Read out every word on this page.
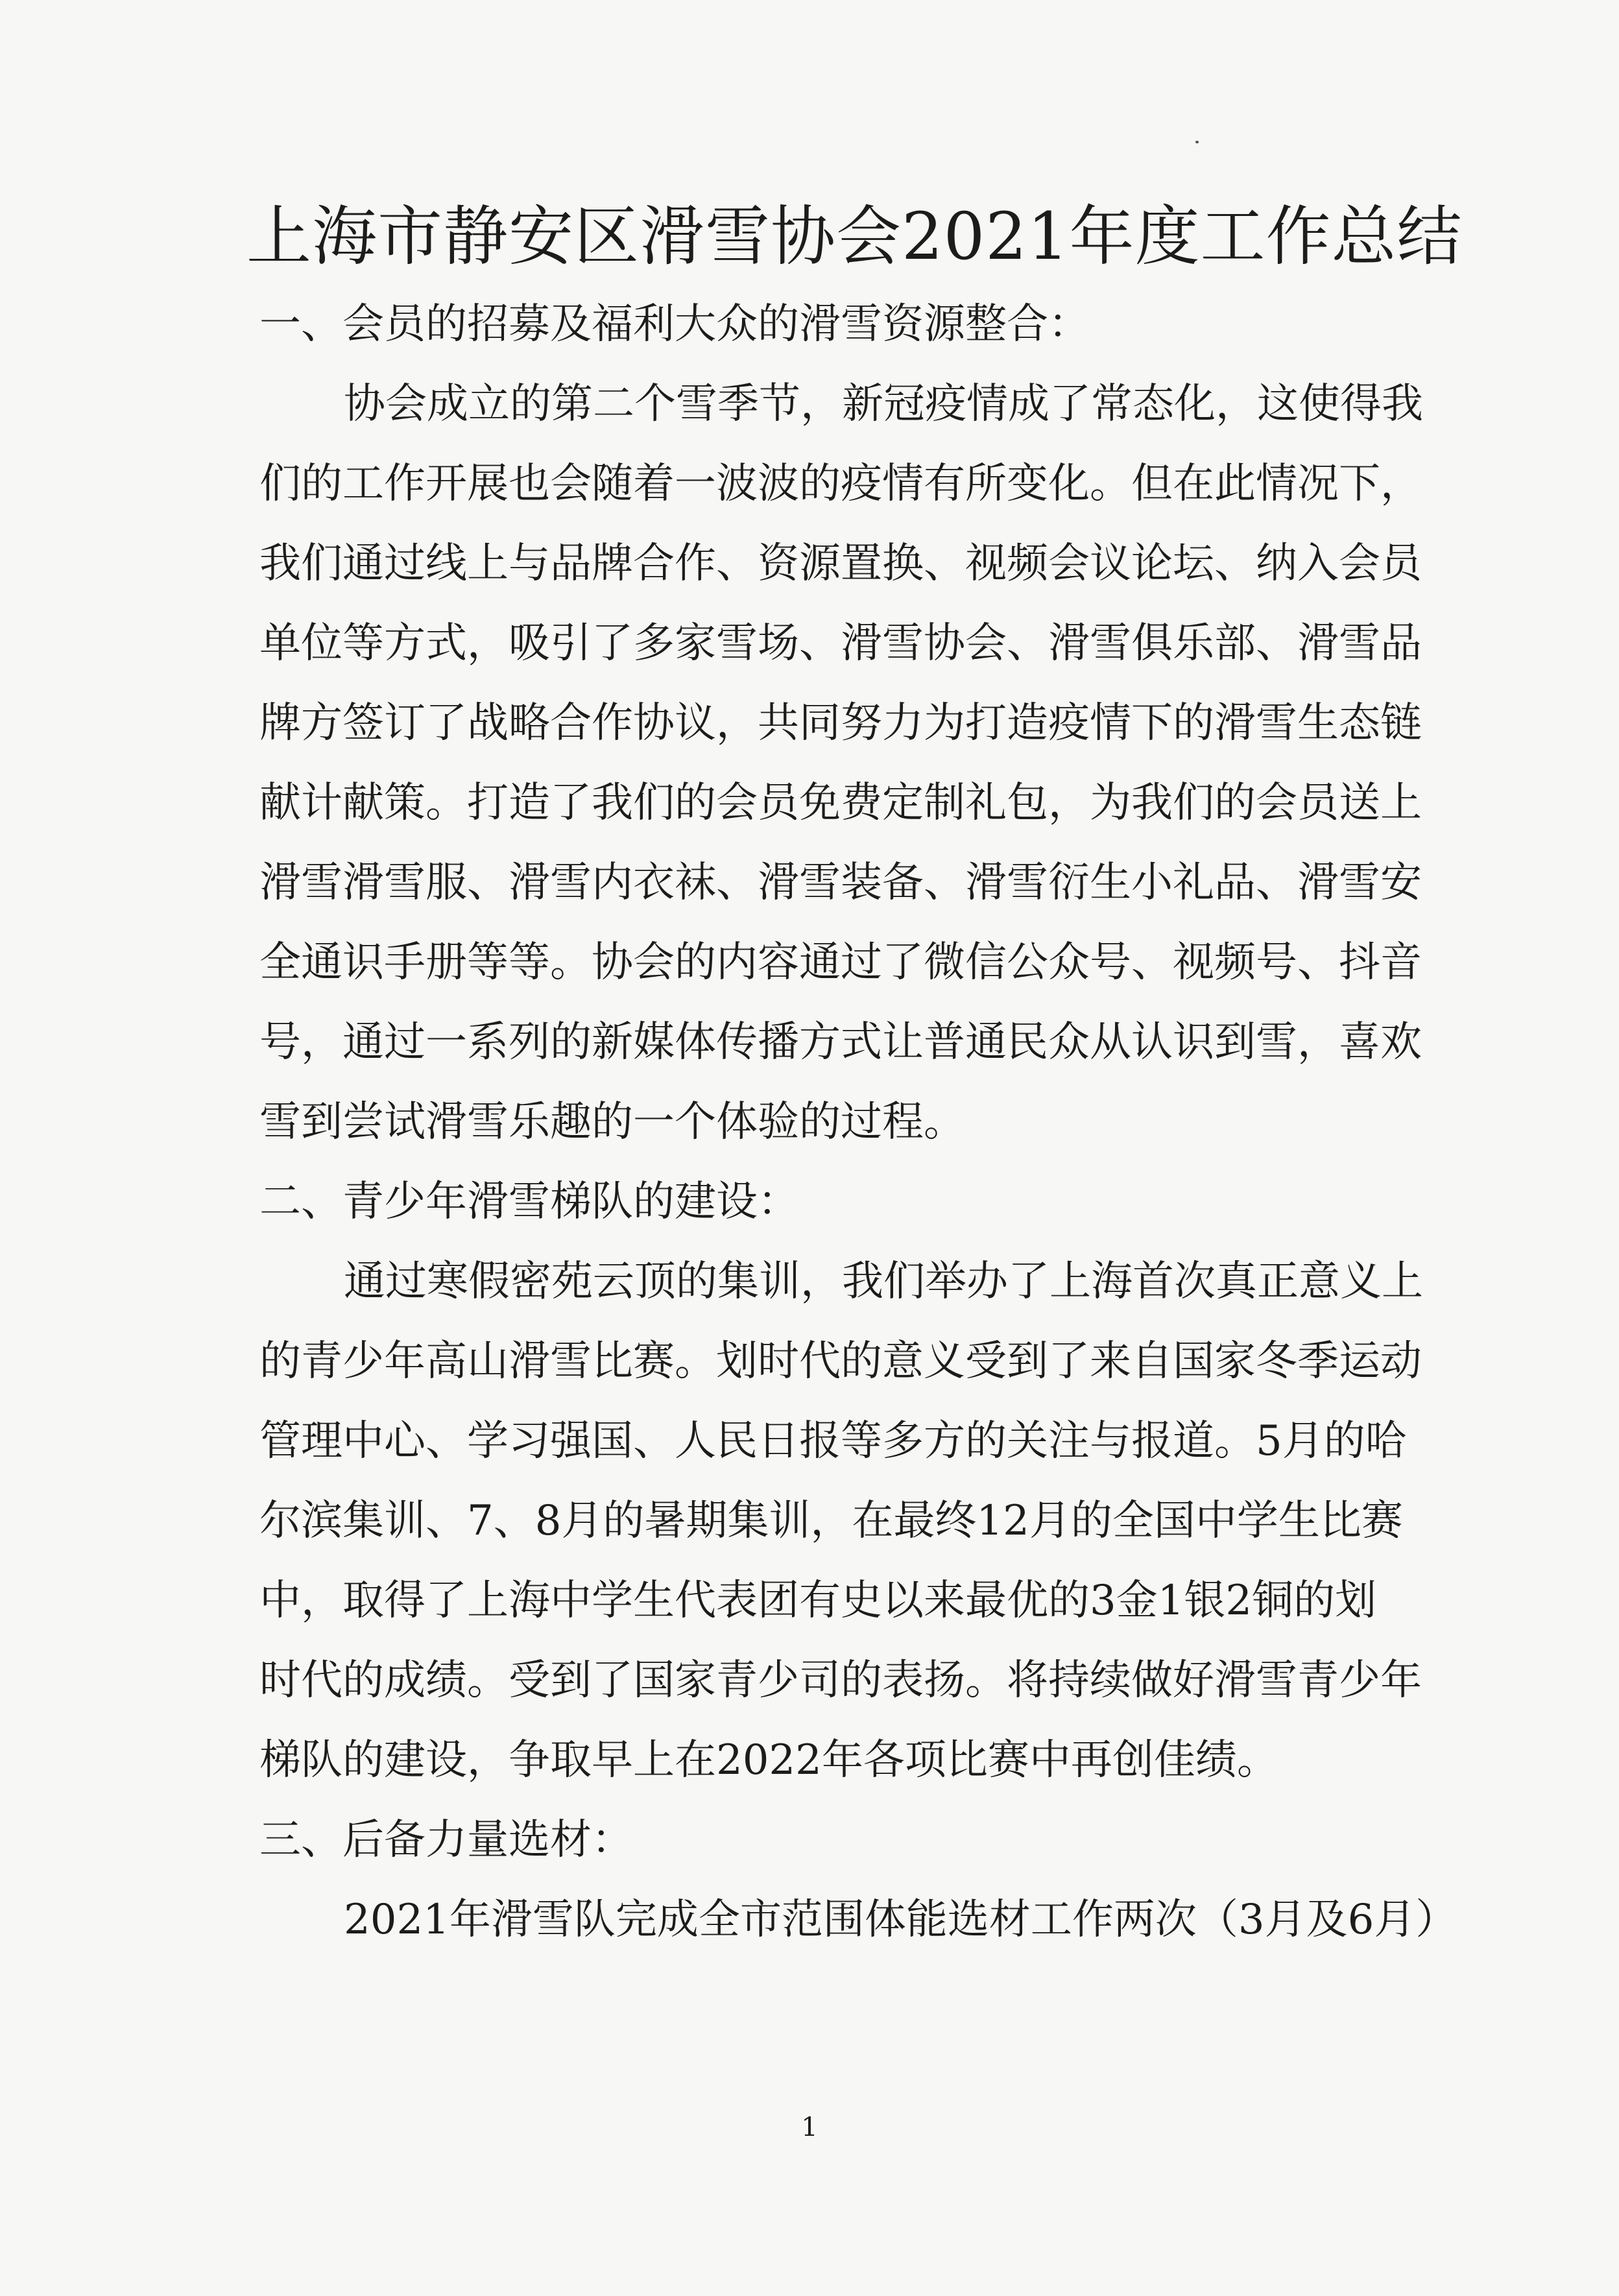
上海市静安区滑雪协会2021年度工作总结
一、会员的招募及福利大众的滑雪资源整合：
协会成立的第二个雪季节，新冠疫情成了常态化，这使得我
们的工作开展也会随着一波波的疫情有所变化。但在此情况下，
我们通过线上与品牌合作、资源置换、视频会议论坛、纳入会员
单位等方式，吸引了多家雪场、滑雪协会、滑雪俱乐部、滑雪品
牌方签订了战略合作协议，共同努力为打造疫情下的滑雪生态链
献计献策。打造了我们的会员免费定制礼包，为我们的会员送上
滑雪滑雪服、滑雪内衣袜、滑雪装备、滑雪衍生小礼品、滑雪安
全通识手册等等。协会的内容通过了微信公众号、视频号、抖音
号，通过一系列的新媒体传播方式让普通民众从认识到雪，喜欢
雪到尝试滑雪乐趣的一个体验的过程。
二、青少年滑雪梯队的建设：
通过寒假密苑云顶的集训，我们举办了上海首次真正意义上
的青少年高山滑雪比赛。划时代的意义受到了来自国家冬季运动
管理中心、学习强国、人民日报等多方的关注与报道。5月的哈
尔滨集训、7、8月的暑期集训，在最终12月的全国中学生比赛
中，取得了上海中学生代表团有史以来最优的3金1银2铜的划
时代的成绩。受到了国家青少司的表扬。将持续做好滑雪青少年
梯队的建设，争取早上在2022年各项比赛中再创佳绩。
三、后备力量选材：
2021年滑雪队完成全市范围体能选材工作两次（3月及6月）
1
